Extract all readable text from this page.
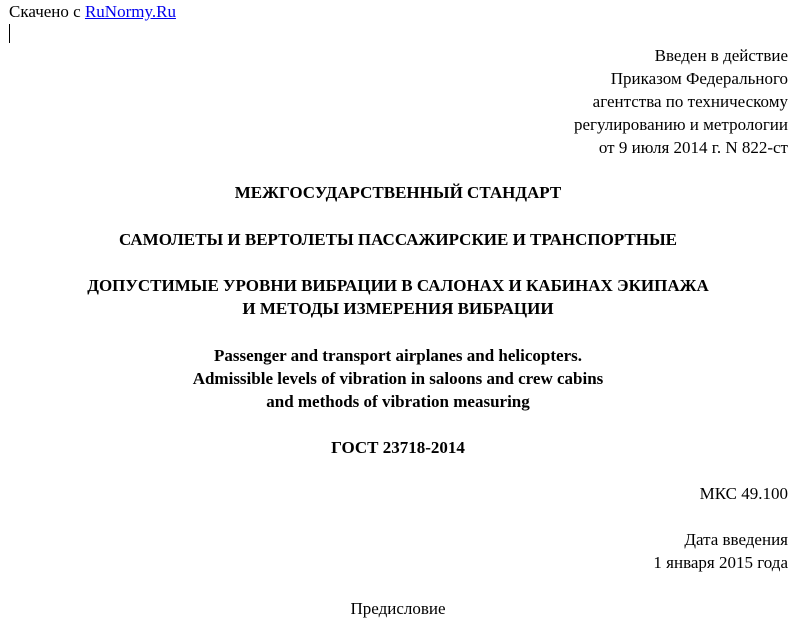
Скачено с RuNormy.Ru
Введен в действие
Приказом Федерального
агентства по техническому
регулированию и метрологии
от 9 июля 2014 г. N 822-ст
МЕЖГОСУДАРСТВЕННЫЙ СТАНДАРТ
САМОЛЕТЫ И ВЕРТОЛЕТЫ ПАССАЖИРСКИЕ И ТРАНСПОРТНЫЕ
ДОПУСТИМЫЕ УРОВНИ ВИБРАЦИИ В САЛОНАХ И КАБИНАХ ЭКИПАЖА
И МЕТОДЫ ИЗМЕРЕНИЯ ВИБРАЦИИ
Passenger and transport airplanes and helicopters.
Admissible levels of vibration in saloons and crew cabins
and methods of vibration measuring
ГОСТ 23718-2014
МКС 49.100
Дата введения
1 января 2015 года
Предисловие
